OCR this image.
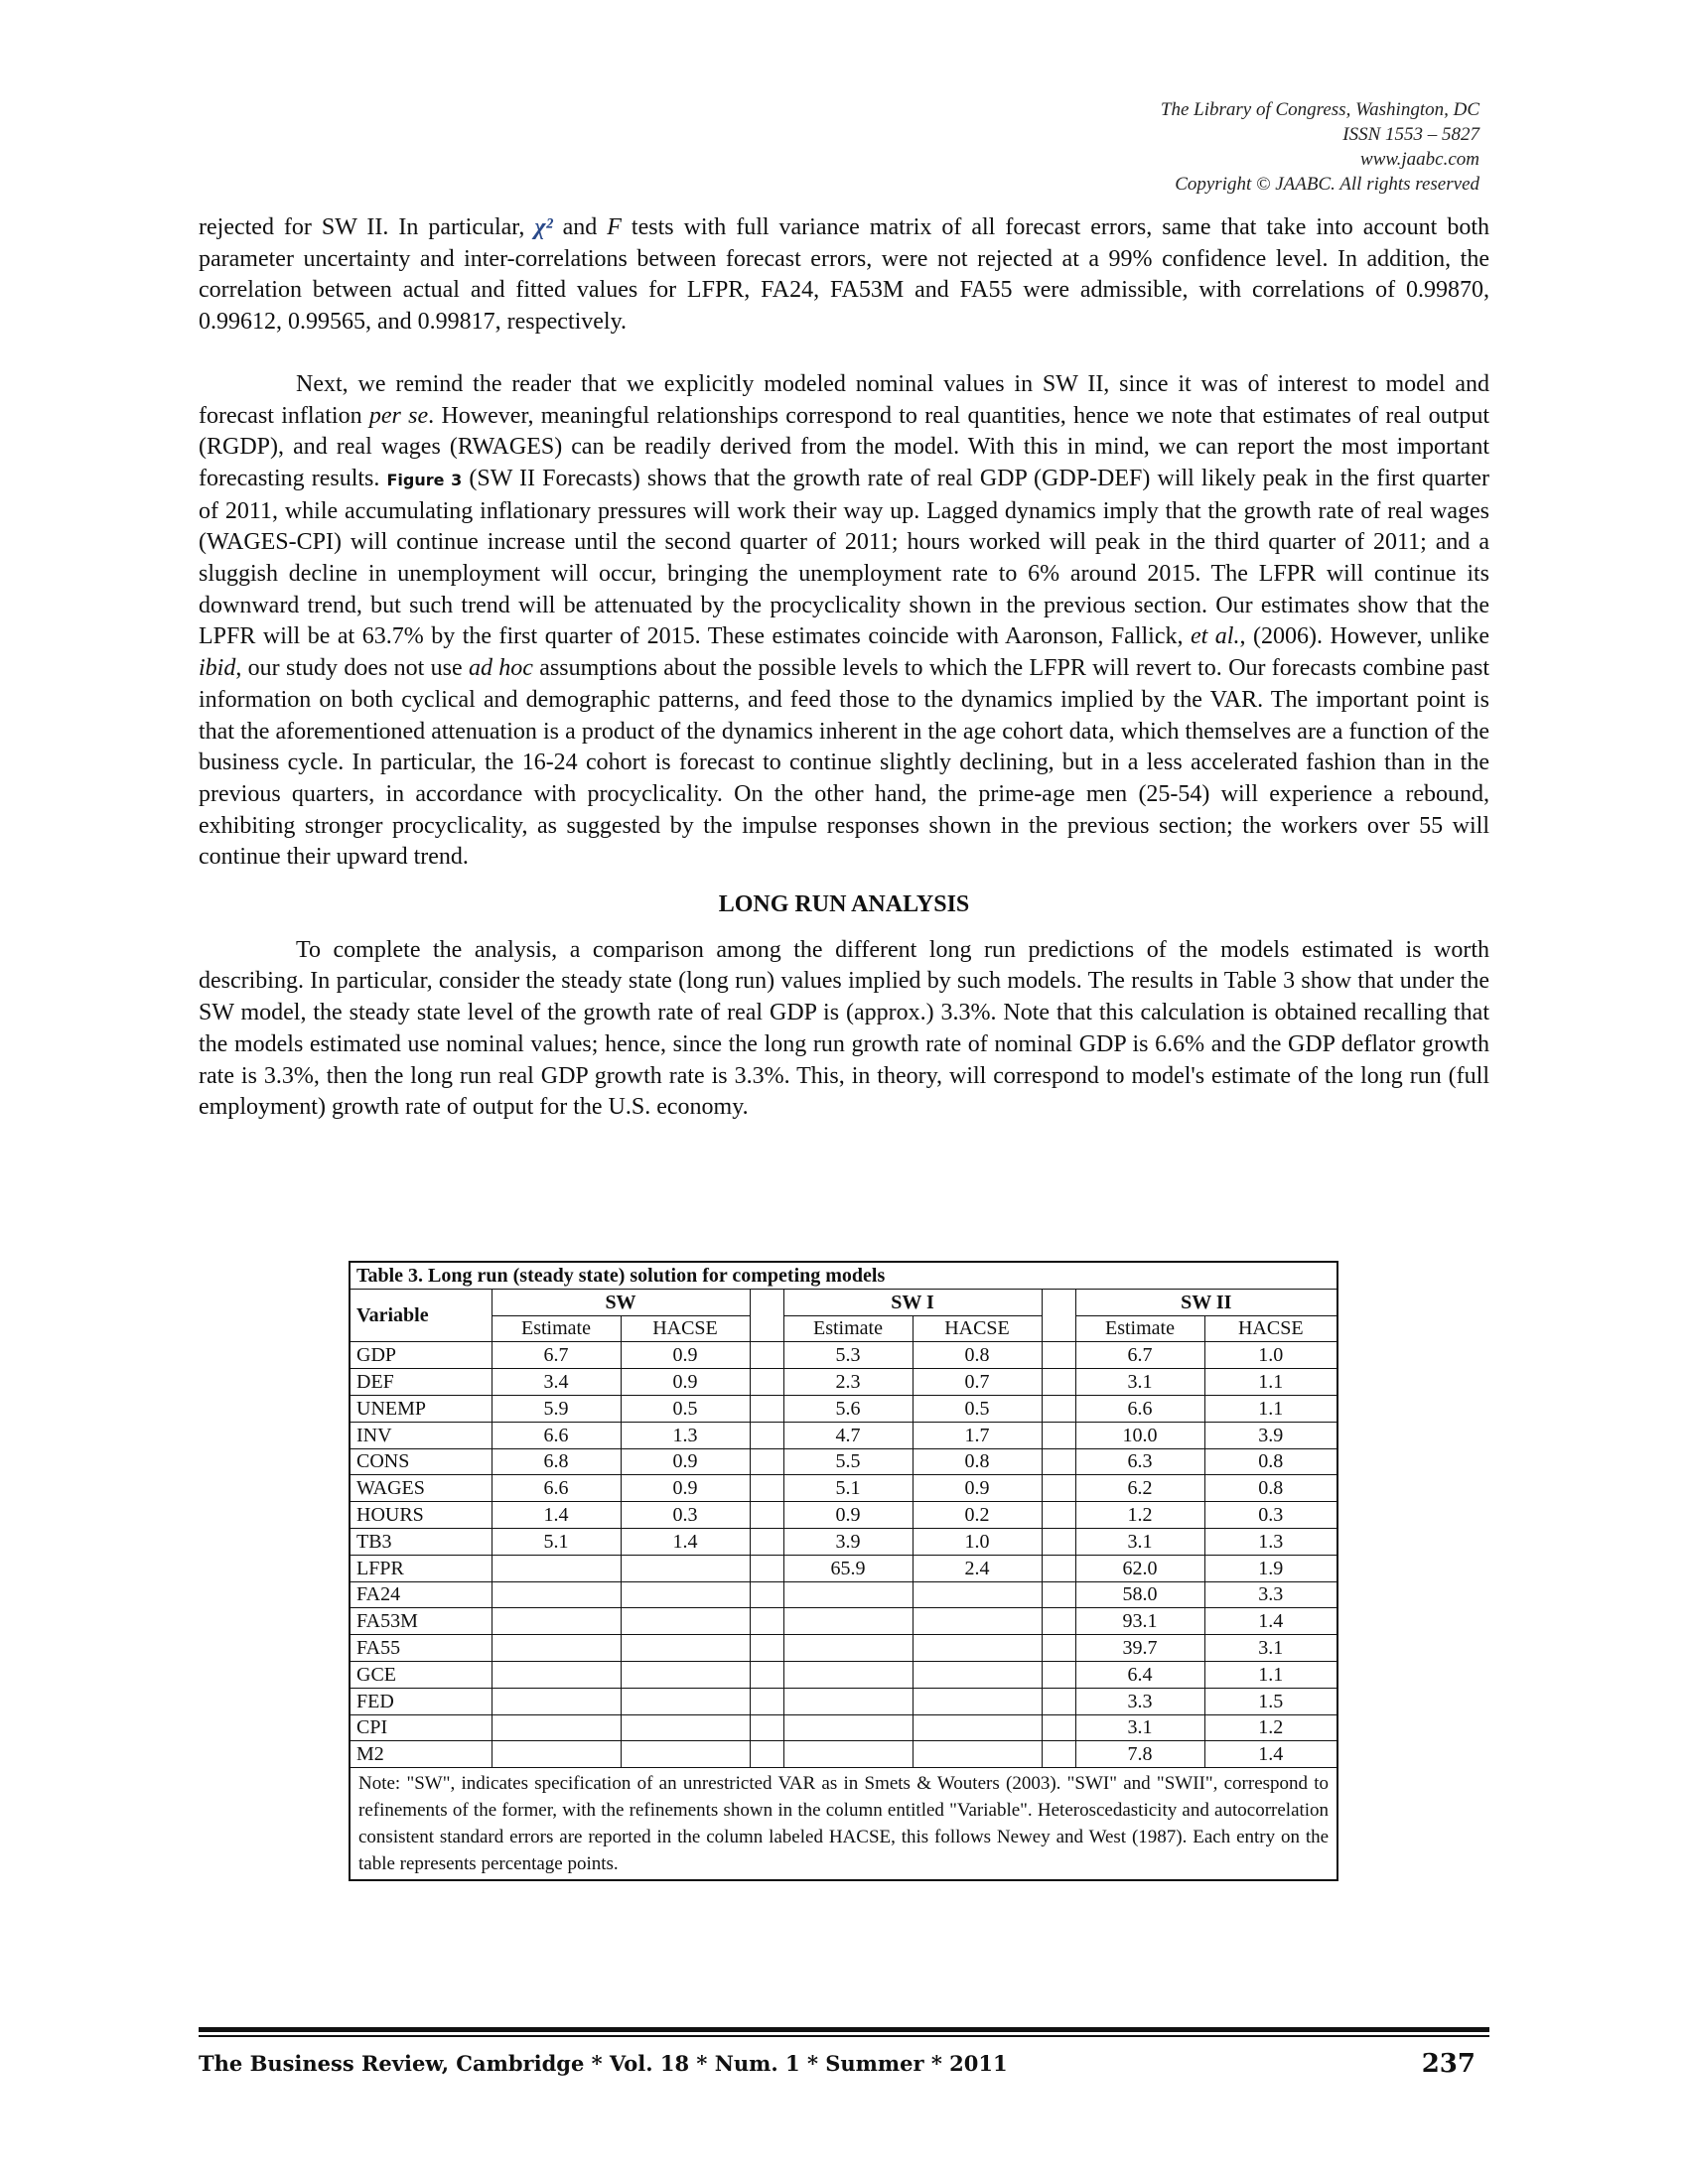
The Library of Congress, Washington, DC
ISSN 1553 – 5827
www.jaabc.com
Copyright © JAABC. All rights reserved

rejected for SW II. In particular, χ² and F tests with full variance matrix of all forecast errors, same that take into account both parameter uncertainty and inter-correlations between forecast errors, were not rejected at a 99% confidence level. In addition, the correlation between actual and fitted values for LFPR, FA24, FA53M and FA55 were admissible, with correlations of 0.99870, 0.99612, 0.99565, and 0.99817, respectively.

Next, we remind the reader that we explicitly modeled nominal values in SW II, since it was of interest to model and forecast inflation per se. However, meaningful relationships correspond to real quantities, hence we note that estimates of real output (RGDP), and real wages (RWAGES) can be readily derived from the model. With this in mind, we can report the most important forecasting results. Figure 3 (SW II Forecasts) shows that the growth rate of real GDP (GDP-DEF) will likely peak in the first quarter of 2011, while accumulating inflationary pressures will work their way up. Lagged dynamics imply that the growth rate of real wages (WAGES-CPI) will continue increase until the second quarter of 2011; hours worked will peak in the third quarter of 2011; and a sluggish decline in unemployment will occur, bringing the unemployment rate to 6% around 2015. The LFPR will continue its downward trend, but such trend will be attenuated by the procyclicality shown in the previous section. Our estimates show that the LPFR will be at 63.7% by the first quarter of 2015. These estimates coincide with Aaronson, Fallick, et al., (2006). However, unlike ibid, our study does not use ad hoc assumptions about the possible levels to which the LFPR will revert to. Our forecasts combine past information on both cyclical and demographic patterns, and feed those to the dynamics implied by the VAR. The important point is that the aforementioned attenuation is a product of the dynamics inherent in the age cohort data, which themselves are a function of the business cycle. In particular, the 16-24 cohort is forecast to continue slightly declining, but in a less accelerated fashion than in the previous quarters, in accordance with procyclicality. On the other hand, the prime-age men (25-54) will experience a rebound, exhibiting stronger procyclicality, as suggested by the impulse responses shown in the previous section; the workers over 55 will continue their upward trend.

LONG RUN ANALYSIS

To complete the analysis, a comparison among the different long run predictions of the models estimated is worth describing. In particular, consider the steady state (long run) values implied by such models. The results in Table 3 show that under the SW model, the steady state level of the growth rate of real GDP is (approx.) 3.3%. Note that this calculation is obtained recalling that the models estimated use nominal values; hence, since the long run growth rate of nominal GDP is 6.6% and the GDP deflator growth rate is 3.3%, then the long run real GDP growth rate is 3.3%. This, in theory, will correspond to model's estimate of the long run (full employment) growth rate of output for the U.S. economy.

Table 3. Long run (steady state) solution for competing models								
Variable	SW			SW I			SW II	
	Estimate	HACSE		Estimate	HACSE		Estimate	HACSE
GDP	6.7	0.9		5.3	0.8		6.7	1.0
DEF	3.4	0.9		2.3	0.7		3.1	1.1
UNEMP	5.9	0.5		5.6	0.5		6.6	1.1
INV	6.6	1.3		4.7	1.7		10.0	3.9
CONS	6.8	0.9		5.5	0.8		6.3	0.8
WAGES	6.6	0.9		5.1	0.9		6.2	0.8
HOURS	1.4	0.3		0.9	0.2		1.2	0.3
TB3	5.1	1.4		3.9	1.0		3.1	1.3
LFPR				65.9	2.4		62.0	1.9
FA24							58.0	3.3
FA53M							93.1	1.4
FA55							39.7	3.1
GCE							6.4	1.1
FED							3.3	1.5
CPI							3.1	1.2
M2							7.8	1.4
Note: "SW", indicates specification of an unrestricted VAR as in Smets & Wouters (2003). "SWI" and "SWII", correspond to refinements of the former, with the refinements shown in the column entitled "Variable". Heteroscedasticity and autocorrelation consistent standard errors are reported in the column labeled HACSE, this follows Newey and West (1987). Each entry on the table represents percentage points.								
The Business Review, Cambridge * Vol. 18 * Num. 1 * Summer * 2011	237
